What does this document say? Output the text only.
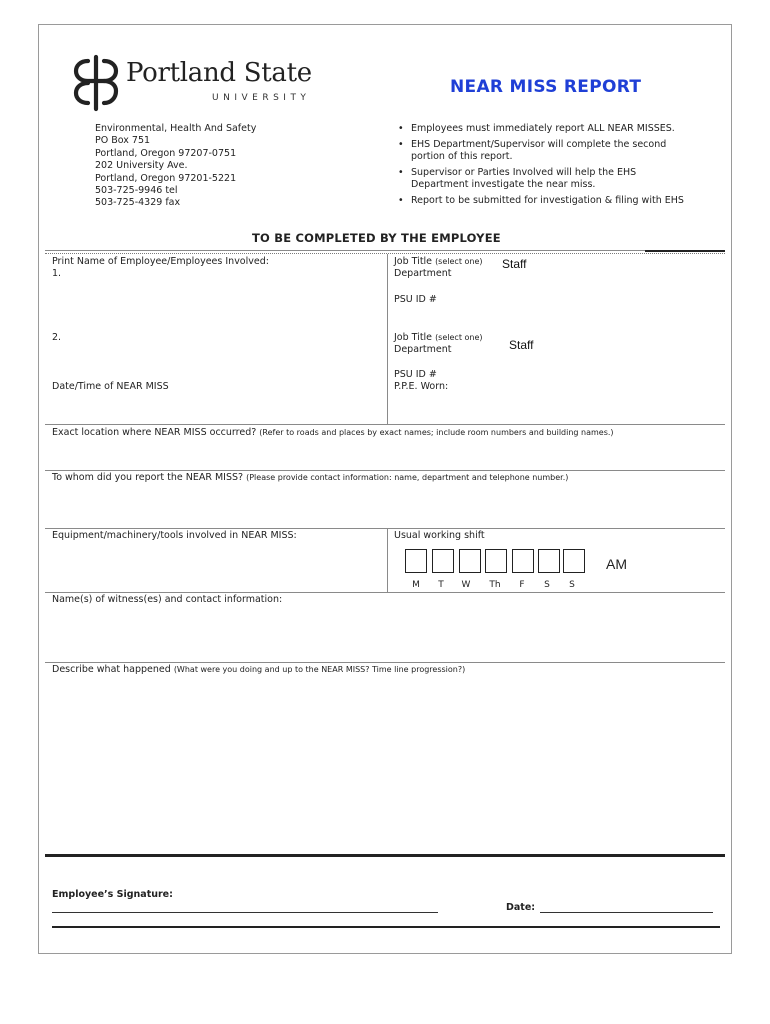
Portland State
UNIVERSITY
NEAR MISS REPORT
Environmental, Health And Safety
PO Box 751
Portland, Oregon 97207-0751
202 University Ave.
Portland, Oregon 97201-5221
503-725-9946 tel
503-725-4329 fax
• Employees must immediately report ALL NEAR MISSES.
• EHS Department/Supervisor will complete the second
portion of this report.
• Supervisor or Parties Involved will help the EHS
Department investigate the near miss.
• Report to be submitted for investigation & filing with EHS
TO BE COMPLETED BY THE EMPLOYEE
Print Name of Employee/Employees Involved:
1.
Job Title (select one) Staff
Department
PSU ID #
2.	Job Title (select one)
Staff
Department
PSU ID #
Date/Time of NEAR MISS	P.P.E. Worn:
Exact location where NEAR MISS occurred? (Refer to roads and places by exact names; include room numbers and building names.)
To whom did you report the NEAR MISS? (Please provide contact information: name, department and telephone number.)
Equipment/machinery/tools involved in NEAR MISS:	Usual working shift
M	T	W	Th	F	S	S
AM
Name(s) of witness(es) and contact information:
Describe what happened (What were you doing and up to the NEAR MISS? Time line progression?)
Employee’s Signature:
Date:
